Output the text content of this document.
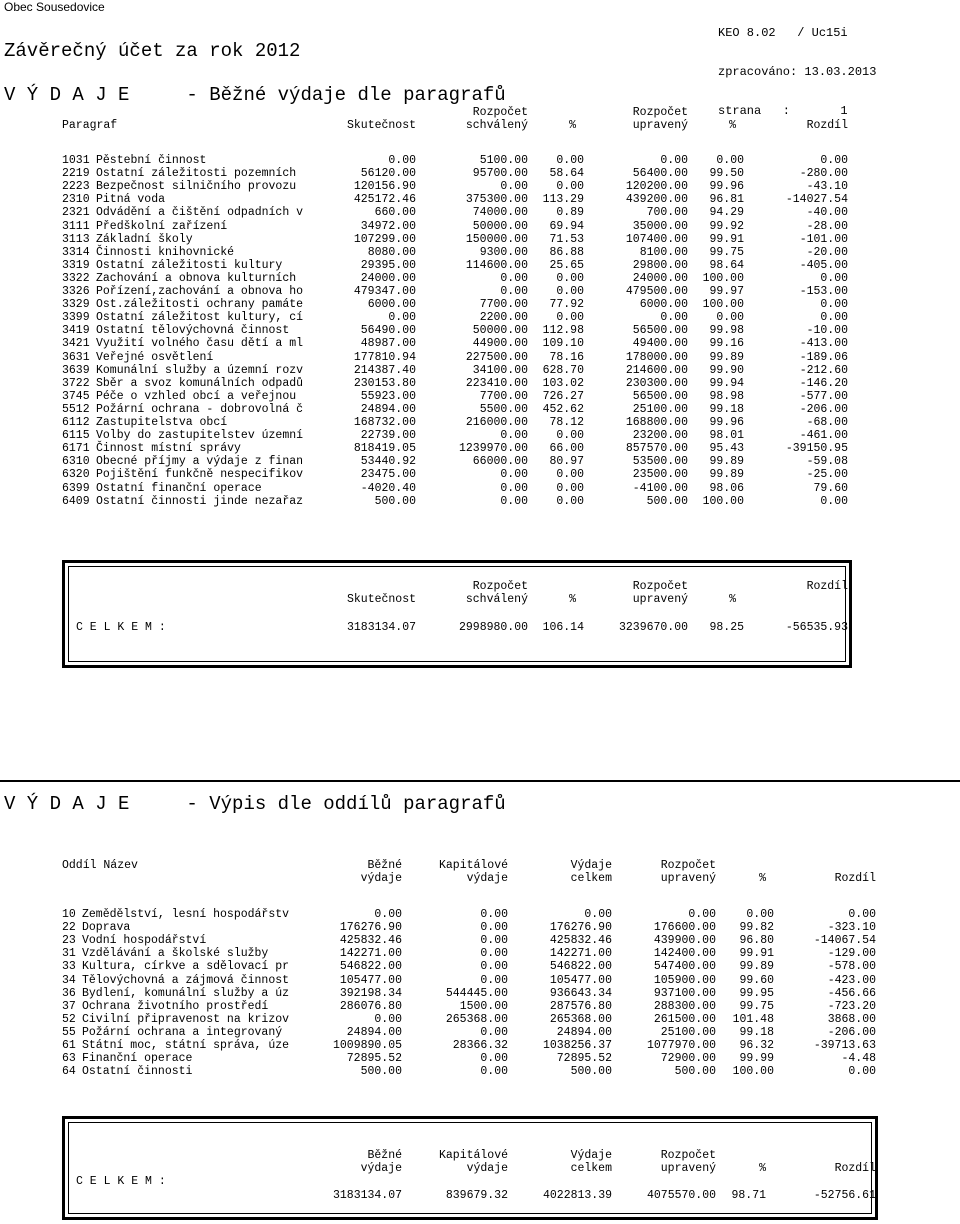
Obec Sousedovice

KEO 8.02   / Uc15i

zpracováno: 13.03.2013

strana   :       1

Závěrečný účet za rok 2012
V Ý D A J E     - Běžné výdaje dle paragrafů
Rozpočet	Rozpočet
Paragraf	Skutečnost	schválený	%	upravený	%	Rozdíl
1031 Pěstební činnost	0.00	5100.00	0.00	0.00	0.00	0.00
2219 Ostatní záležitosti pozemních	56120.00	95700.00	58.64	56400.00	99.50	-280.00
2223 Bezpečnost silničního provozu	120156.90	0.00	0.00	120200.00	99.96	-43.10
2310 Pitná voda	425172.46	375300.00	113.29	439200.00	96.81	-14027.54
2321 Odvádění a čištění odpadních v	660.00	74000.00	0.89	700.00	94.29	-40.00
3111 Předškolní zařízení	34972.00	50000.00	69.94	35000.00	99.92	-28.00
3113 Základní školy	107299.00	150000.00	71.53	107400.00	99.91	-101.00
3314 Činnosti knihovnické	8080.00	9300.00	86.88	8100.00	99.75	-20.00
3319 Ostatní záležitosti kultury	29395.00	114600.00	25.65	29800.00	98.64	-405.00
3322 Zachování a obnova kulturních	24000.00	0.00	0.00	24000.00	100.00	0.00
3326 Pořízení,zachování a obnova ho	479347.00	0.00	0.00	479500.00	99.97	-153.00
3329 Ost.záležitosti ochrany památe	6000.00	7700.00	77.92	6000.00	100.00	0.00
3399 Ostatní záležitost kultury, cí	0.00	2200.00	0.00	0.00	0.00	0.00
3419 Ostatní tělovýchovná činnost	56490.00	50000.00	112.98	56500.00	99.98	-10.00
3421 Využití volného času dětí a ml	48987.00	44900.00	109.10	49400.00	99.16	-413.00
3631 Veřejné osvětlení	177810.94	227500.00	78.16	178000.00	99.89	-189.06
3639 Komunální služby a územní rozv	214387.40	34100.00	628.70	214600.00	99.90	-212.60
3722 Sběr a svoz komunálních odpadů	230153.80	223410.00	103.02	230300.00	99.94	-146.20
3745 Péče o vzhled obcí a veřejnou	55923.00	7700.00	726.27	56500.00	98.98	-577.00
5512 Požární ochrana - dobrovolná č	24894.00	5500.00	452.62	25100.00	99.18	-206.00
6112 Zastupitelstva obcí	168732.00	216000.00	78.12	168800.00	99.96	-68.00
6115 Volby do zastupitelstev územní	22739.00	0.00	0.00	23200.00	98.01	-461.00
6171 Činnost místní správy	818419.05	1239970.00	66.00	857570.00	95.43	-39150.95
6310 Obecné příjmy a výdaje z finan	53440.92	66000.00	80.97	53500.00	99.89	-59.08
6320 Pojištění funkčně nespecifikov	23475.00	0.00	0.00	23500.00	99.89	-25.00
6399 Ostatní finanční operace	-4020.40	0.00	0.00	-4100.00	98.06	79.60
6409 Ostatní činnosti jinde nezařaz	500.00	0.00	0.00	500.00	100.00	0.00
Rozpočet	Rozpočet	Rozdíl
Skutečnost	schválený	%	upravený	%
C E L K E M :	3183134.07	2998980.00	106.14	3239670.00	98.25	-56535.93
V Ý D A J E     - Výpis dle oddílů paragrafů
Oddíl Název	Běžné	Kapitálové	Výdaje	Rozpočet
výdaje	výdaje	celkem	upravený	%	Rozdíl
10 Zemědělství, lesní hospodářstv	0.00	0.00	0.00	0.00	0.00	0.00
22 Doprava	176276.90	0.00	176276.90	176600.00	99.82	-323.10
23 Vodní hospodářství	425832.46	0.00	425832.46	439900.00	96.80	-14067.54
31 Vzdělávání a školské služby	142271.00	0.00	142271.00	142400.00	99.91	-129.00
33 Kultura, církve a sdělovací pr	546822.00	0.00	546822.00	547400.00	99.89	-578.00
34 Tělovýchovná a zájmová činnost	105477.00	0.00	105477.00	105900.00	99.60	-423.00
36 Bydlení, komunální služby a úz	392198.34	544445.00	936643.34	937100.00	99.95	-456.66
37 Ochrana životního prostředí	286076.80	1500.00	287576.80	288300.00	99.75	-723.20
52 Civilní připravenost na krizov	0.00	265368.00	265368.00	261500.00	101.48	3868.00
55 Požární ochrana a integrovaný	24894.00	0.00	24894.00	25100.00	99.18	-206.00
61 Státní moc, státní správa, úze	1009890.05	28366.32	1038256.37	1077970.00	96.32	-39713.63
63 Finanční operace	72895.52	0.00	72895.52	72900.00	99.99	-4.48
64 Ostatní činnosti	500.00	0.00	500.00	500.00	100.00	0.00
Běžné	Kapitálové	Výdaje	Rozpočet
výdaje	výdaje	celkem	upravený	%	Rozdíl
C E L K E M :
3183134.07	839679.32	4022813.39	4075570.00	98.71	-52756.61
